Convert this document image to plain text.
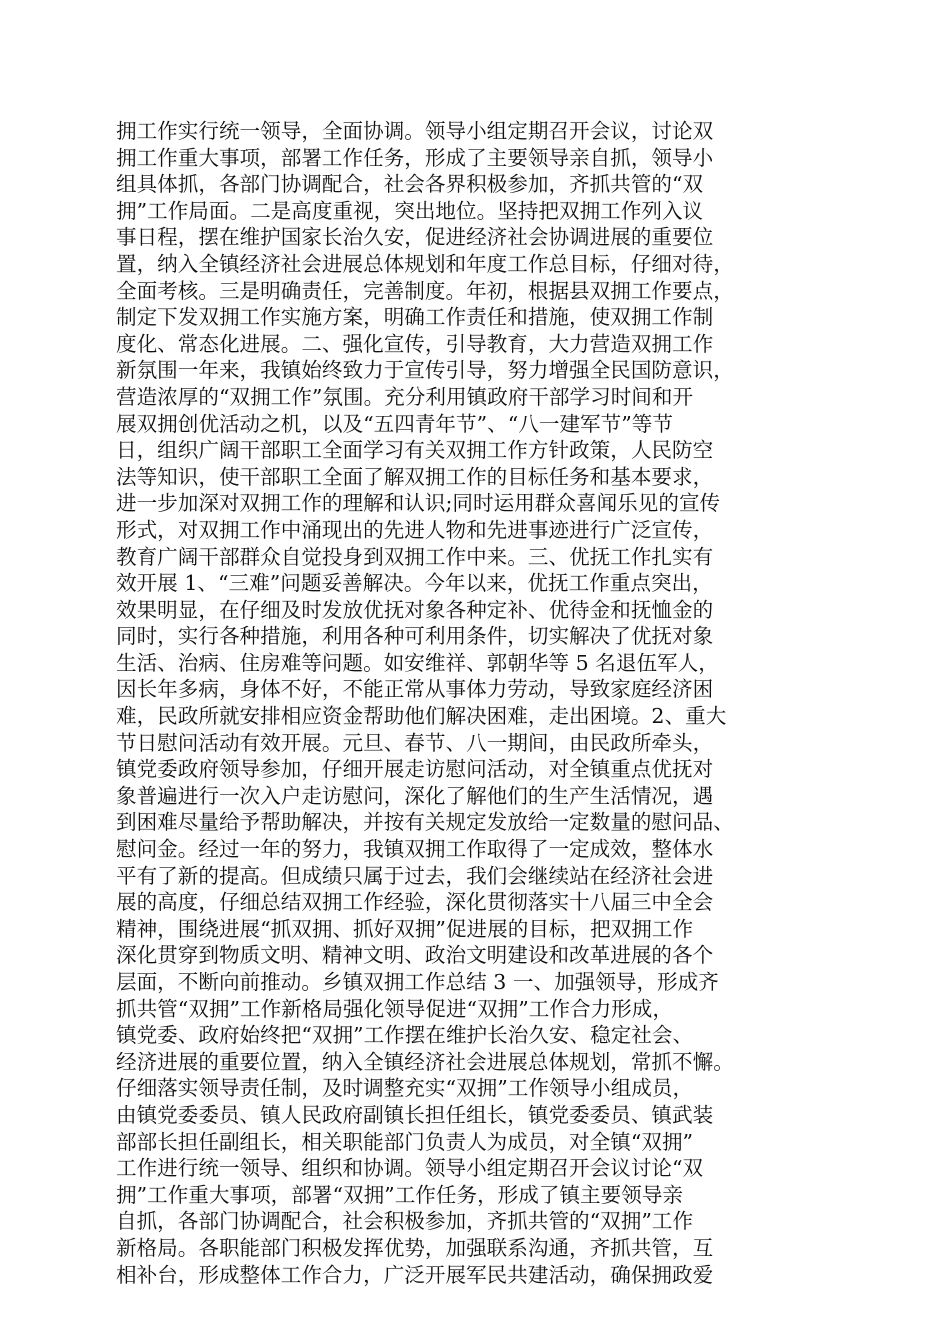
拥工作实行统一领导，全面协调。领导小组定期召开会议，讨论双
拥工作重大事项，部署工作任务，形成了主要领导亲自抓，领导小
组具体抓，各部门协调配合，社会各界积极参加，齐抓共管的“双
拥”工作局面。二是高度重视，突出地位。坚持把双拥工作列入议
事日程，摆在维护国家长治久安，促进经济社会协调进展的重要位
置，纳入全镇经济社会进展总体规划和年度工作总目标，仔细对待，
全面考核。三是明确责任，完善制度。年初，根据县双拥工作要点，
制定下发双拥工作实施方案，明确工作责任和措施，使双拥工作制
度化、常态化进展。二、强化宣传，引导教育，大力营造双拥工作
新氛围一年来，我镇始终致力于宣传引导，努力增强全民国防意识，
营造浓厚的“双拥工作”氛围。充分利用镇政府干部学习时间和开
展双拥创优活动之机，以及“五四青年节”、“八一建军节”等节
日，组织广阔干部职工全面学习有关双拥工作方针政策，人民防空
法等知识，使干部职工全面了解双拥工作的目标任务和基本要求，
进一步加深对双拥工作的理解和认识;同时运用群众喜闻乐见的宣传
形式，对双拥工作中涌现出的先进人物和先进事迹进行广泛宣传，
教育广阔干部群众自觉投身到双拥工作中来。三、优抚工作扎实有
效开展 1、“三难”问题妥善解决。今年以来，优抚工作重点突出，
效果明显，在仔细及时发放优抚对象各种定补、优待金和抚恤金的
同时，实行各种措施，利用各种可利用条件，切实解决了优抚对象
生活、治病、住房难等问题。如安维祥、郭朝华等 5 名退伍军人，
因长年多病，身体不好，不能正常从事体力劳动，导致家庭经济困
难，民政所就安排相应资金帮助他们解决困难，走出困境。2、重大
节日慰问活动有效开展。元旦、春节、八一期间，由民政所牵头，
镇党委政府领导参加，仔细开展走访慰问活动，对全镇重点优抚对
象普遍进行一次入户走访慰问，深化了解他们的生产生活情况，遇
到困难尽量给予帮助解决，并按有关规定发放给一定数量的慰问品、
慰问金。经过一年的努力，我镇双拥工作取得了一定成效，整体水
平有了新的提高。但成绩只属于过去，我们会继续站在经济社会进
展的高度，仔细总结双拥工作经验，深化贯彻落实十八届三中全会
精神，围绕进展“抓双拥、抓好双拥”促进展的目标，把双拥工作
深化贯穿到物质文明、精神文明、政治文明建设和改革进展的各个
层面，不断向前推动。乡镇双拥工作总结 3 一、加强领导，形成齐
抓共管“双拥”工作新格局强化领导促进“双拥”工作合力形成，
镇党委、政府始终把“双拥”工作摆在维护长治久安、稳定社会、
经济进展的重要位置，纳入全镇经济社会进展总体规划，常抓不懈。
仔细落实领导责任制，及时调整充实“双拥”工作领导小组成员，
由镇党委委员、镇人民政府副镇长担任组长，镇党委委员、镇武装
部部长担任副组长，相关职能部门负责人为成员，对全镇“双拥”
工作进行统一领导、组织和协调。领导小组定期召开会议讨论“双
拥”工作重大事项，部署“双拥”工作任务，形成了镇主要领导亲
自抓，各部门协调配合，社会积极参加，齐抓共管的“双拥”工作
新格局。各职能部门积极发挥优势，加强联系沟通，齐抓共管，互
相补台，形成整体工作合力，广泛开展军民共建活动，确保拥政爱
